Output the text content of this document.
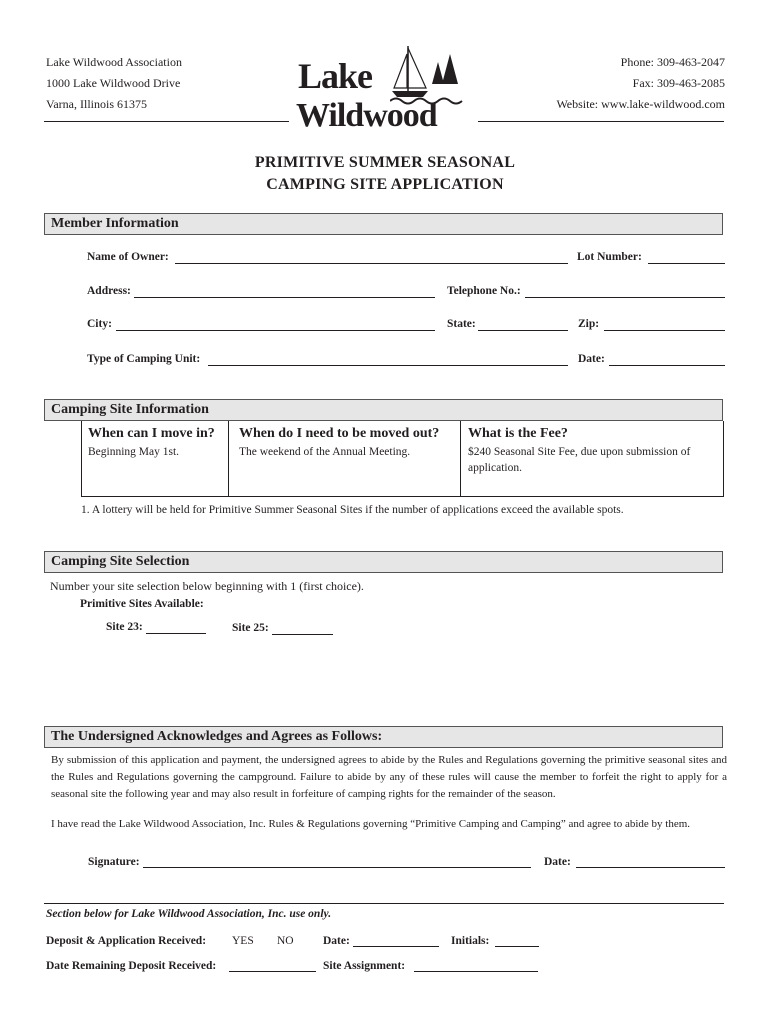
Lake Wildwood Association
1000 Lake Wildwood Drive
Varna, Illinois 61375
Phone: 309-463-2047
Fax: 309-463-2085
Website: www.lake-wildwood.com
Lake
Wildwood
PRIMITIVE SUMMER SEASONAL
CAMPING SITE APPLICATION
Member Information
Name of Owner:	Lot Number:
Address:	Telephone No.:
City:	State:	Zip:
Type of Camping Unit:	Date:
Camping Site Information
When can I move in?
Beginning May 1st.
When do I need to be moved out?
The weekend of the Annual Meeting.
What is the Fee?
$240 Seasonal Site Fee, due upon submission of application.
1. A lottery will be held for Primitive Summer Seasonal Sites if the number of applications exceed the available spots.
Camping Site Selection
Number your site selection below beginning with 1 (first choice).
Primitive Sites Available:
Site 23:	Site 25:
The Undersigned Acknowledges and Agrees as Follows:
By submission of this application and payment, the undersigned agrees to abide by the Rules and Regulations governing the primitive seasonal sites and the Rules and Regulations governing the campground. Failure to abide by any of these rules will cause the member to forfeit the right to apply for a seasonal site the following year and may also result in forfeiture of camping rights for the remainder of the season.
I have read the Lake Wildwood Association, Inc. Rules & Regulations governing “Primitive Camping and Camping” and agree to abide by them.
Signature:	Date:
Section below for Lake Wildwood Association, Inc. use only.
Deposit & Application Received: YES NO	Date:	Initials:
Date Remaining Deposit Received:	Site Assignment:
